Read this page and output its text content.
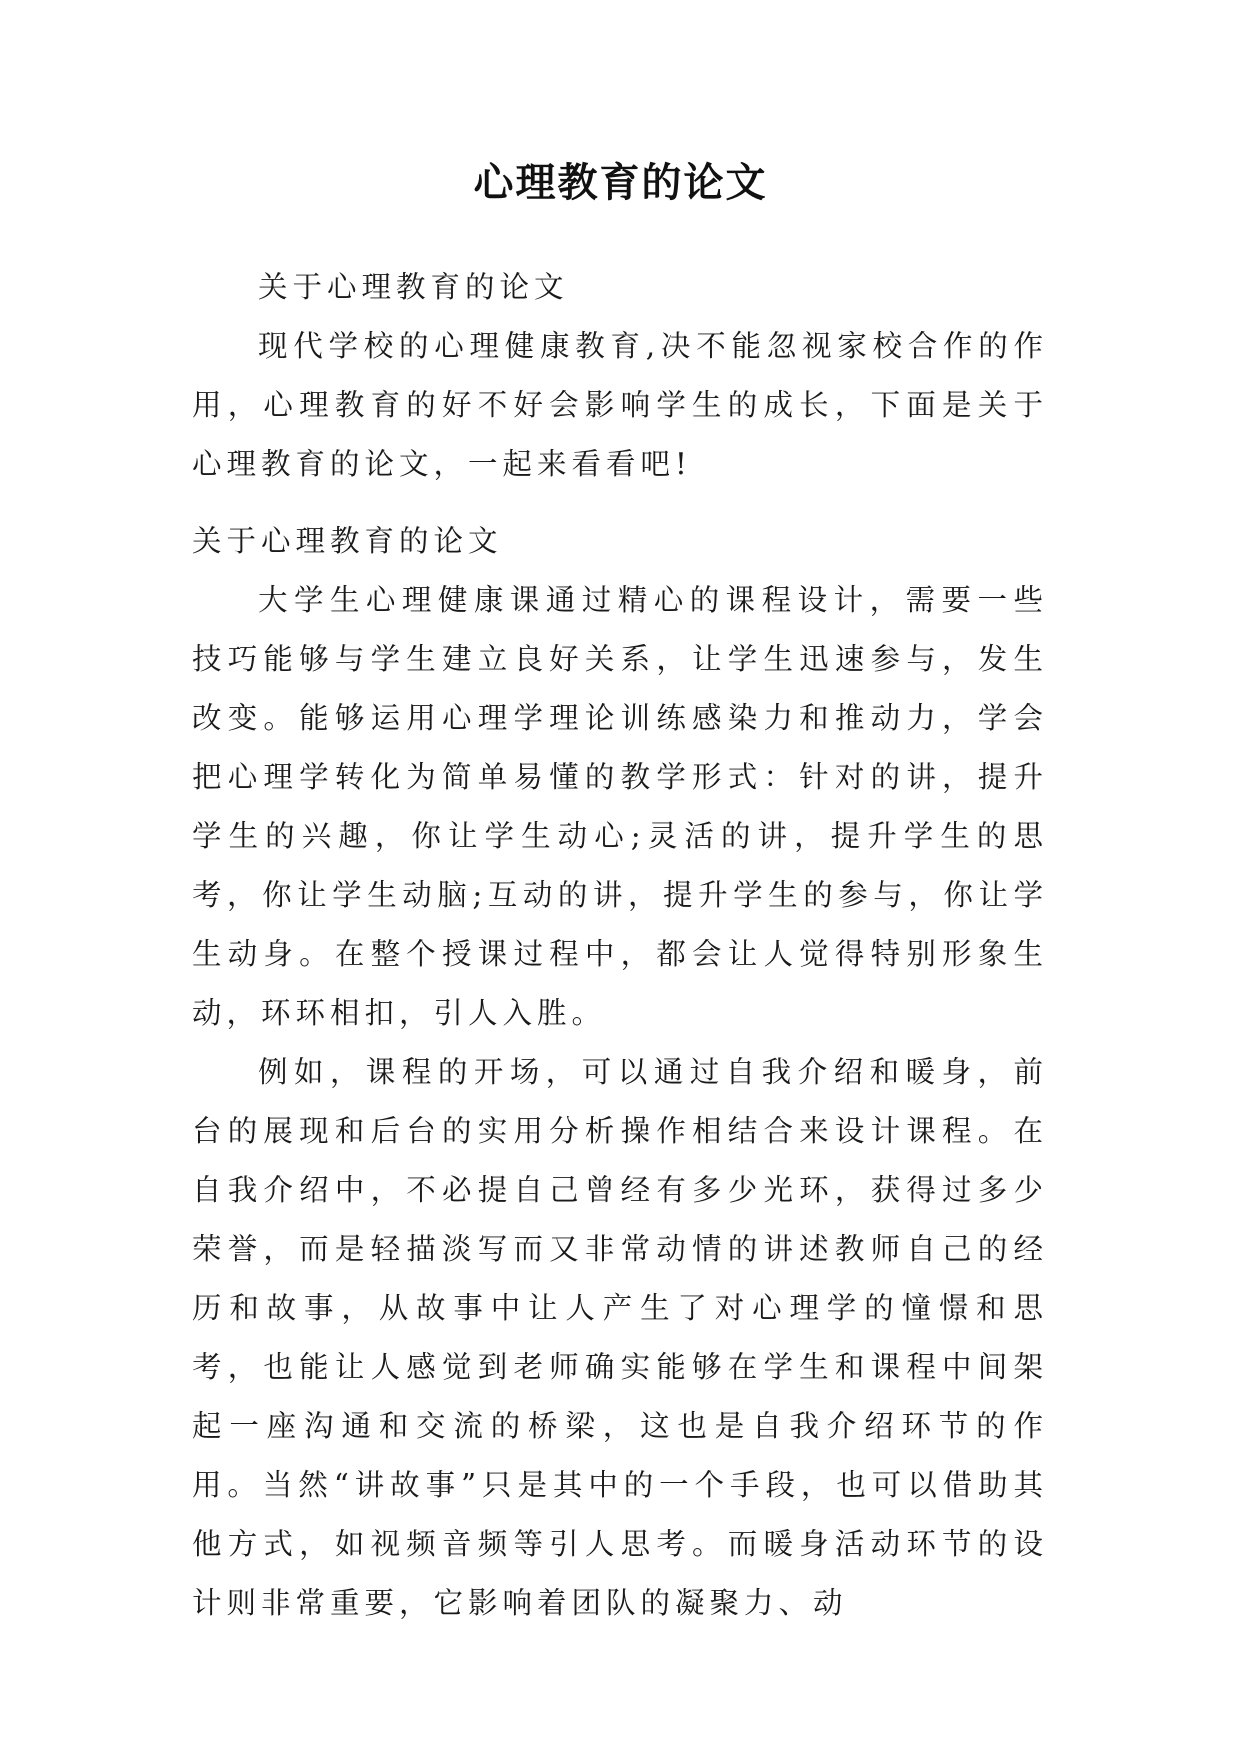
心理教育的论文

关于心理教育的论文

现代学校的心理健康教育,决不能忽视家校合作的作用，心理教育的好不好会影响学生的成长，下面是关于心理教育的论文，一起来看看吧!

关于心理教育的论文

大学生心理健康课通过精心的课程设计，需要一些技巧能够与学生建立良好关系，让学生迅速参与，发生改变。能够运用心理学理论训练感染力和推动力，学会把心理学转化为简单易懂的教学形式：针对的讲，提升学生的兴趣，你让学生动心;灵活的讲，提升学生的思考，你让学生动脑;互动的讲，提升学生的参与，你让学生动身。在整个授课过程中，都会让人觉得特别形象生动，环环相扣，引人入胜。

例如，课程的开场，可以通过自我介绍和暖身，前台的展现和后台的实用分析操作相结合来设计课程。在自我介绍中，不必提自己曾经有多少光环，获得过多少荣誉，而是轻描淡写而又非常动情的讲述教师自己的经历和故事，从故事中让人产生了对心理学的憧憬和思考，也能让人感觉到老师确实能够在学生和课程中间架起一座沟通和交流的桥梁，这也是自我介绍环节的作用。当然“讲故事”只是其中的一个手段，也可以借助其他方式，如视频音频等引人思考。而暖身活动环节的设计则非常重要，它影响着团队的凝聚力、动
